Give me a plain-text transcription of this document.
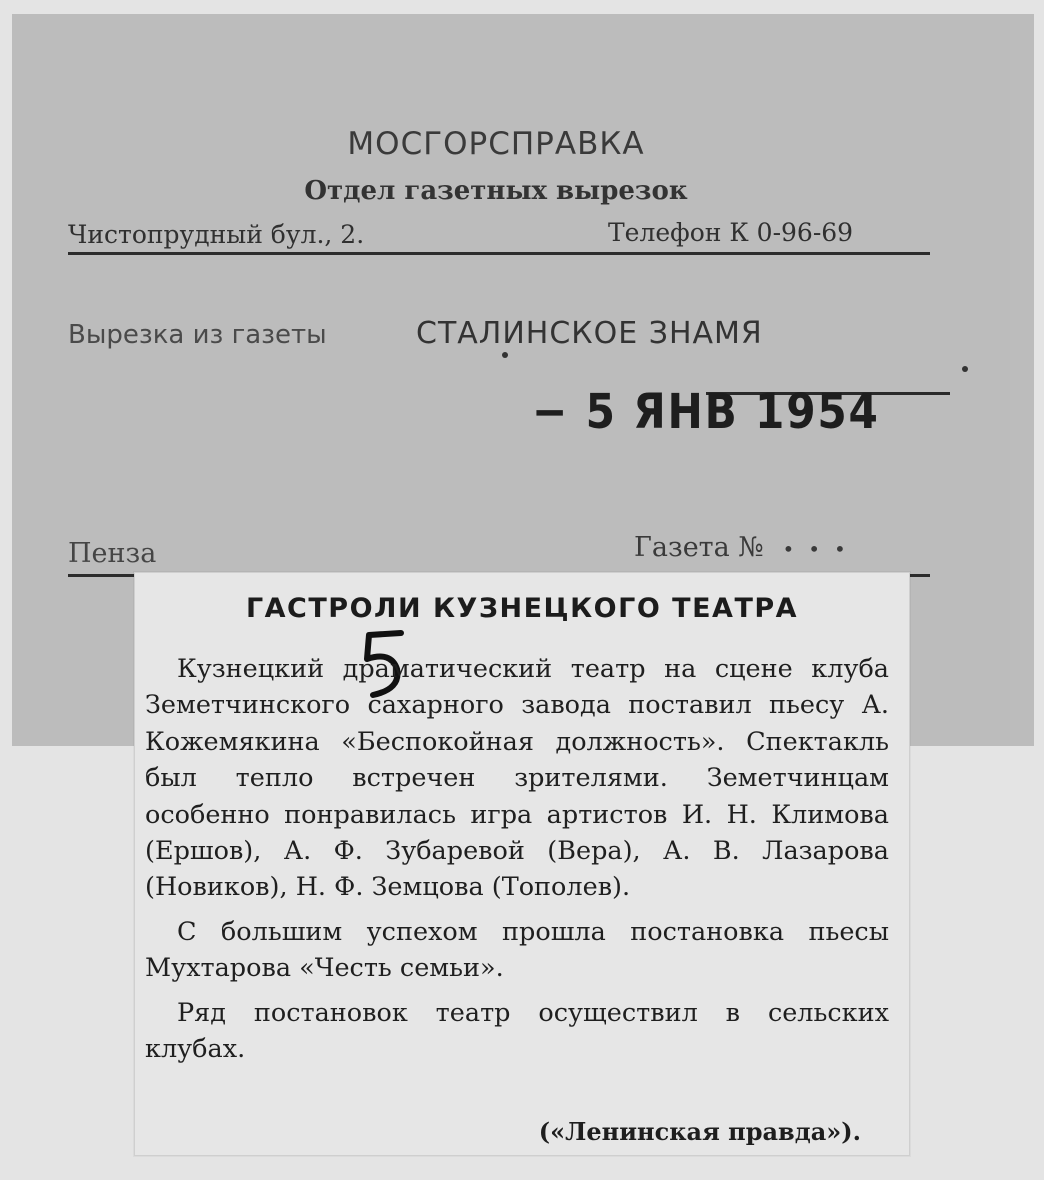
МОСГОРСПРАВКА
Отдел газетных вырезок
Чистопрудный бул., 2.	Телефон К 0-96-69
Вырезка из газеты	СТАЛИНСКОЕ ЗНАМЯ
− 5 ЯНВ 1954
Пенза	Газета № •••
ГАСТРОЛИ КУЗНЕЦКОГО ТЕАТРА

Кузнецкий драматический театр на сцене клуба Земетчинского сахарного завода поставил пьесу А. Кожемякина «Беспокойная должность». Спектакль был тепло встречен зрителями. Земетчинцам особенно понравилась игра артистов И. Н. Климова (Ершов), А. Ф. Зубаревой (Вера), А. В. Лазарова (Новиков), Н. Ф. Земцова (Тополев).

С большим успехом прошла постановка пьесы Мухтарова «Честь семьи».

Ряд постановок театр осуществил в сельских клубах.

(«Ленинская правда»).
